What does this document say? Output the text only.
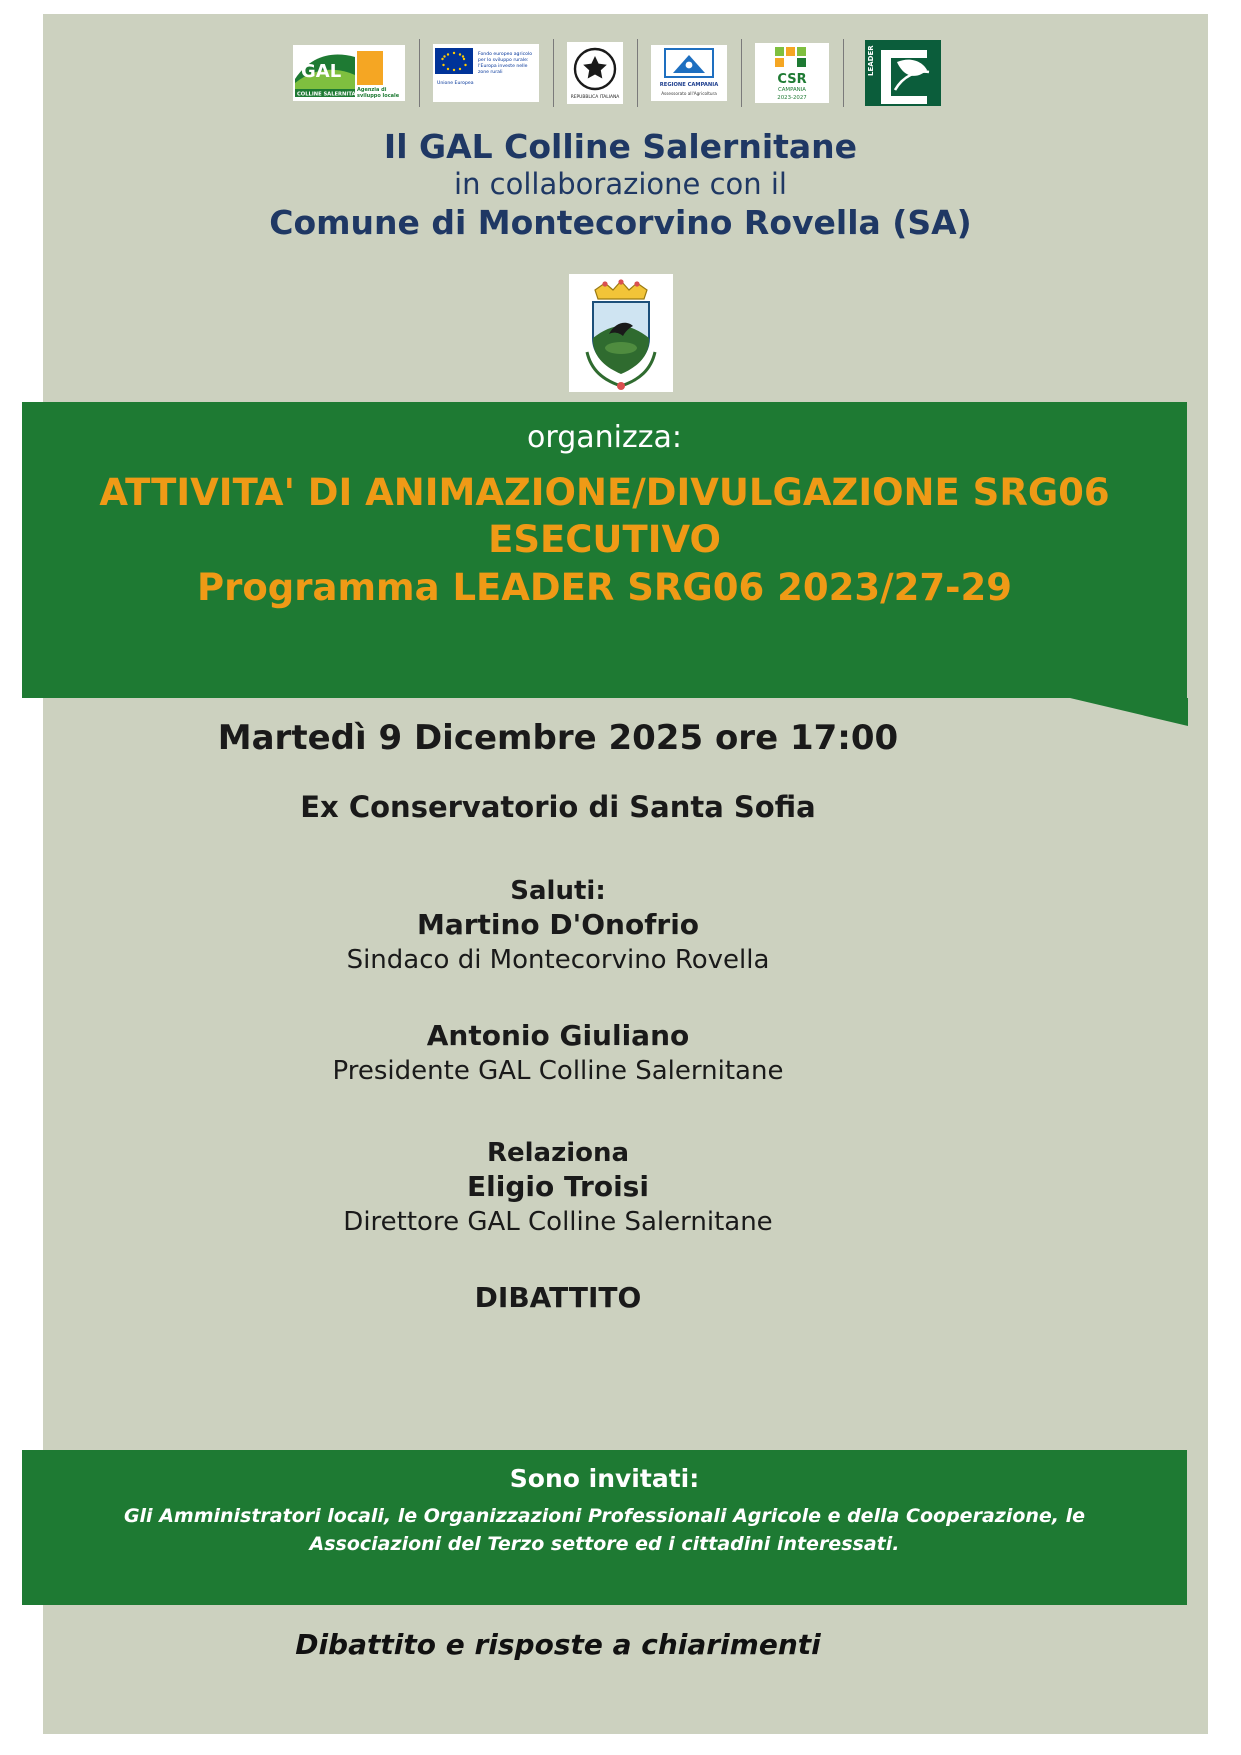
GAL
COLLINE SALERNITANE
Agenzia di
sviluppo locale
Unione Europea
Fondo europeo agricolo
per lo sviluppo rurale:
l'Europa investe nelle
zone rurali
REPUBBLICA ITALIANA
REGIONE CAMPANIA
Assessorato all'Agricoltura
CSR
CAMPANIA
2023-2027
LEADER
Il GAL Colline Salernitane
in collaborazione con il
Comune di Montecorvino Rovella (SA)
organizza:
ATTIVITA' DI ANIMAZIONE/DIVULGAZIONE SRG06
ESECUTIVO
Programma LEADER SRG06 2023/27-29
Martedì 9 Dicembre 2025 ore 17:00
Ex Conservatorio di Santa Sofia
Saluti:
Martino D'Onofrio
Sindaco di Montecorvino Rovella
Antonio Giuliano
Presidente GAL Colline Salernitane
Relaziona
Eligio Troisi
Direttore GAL Colline Salernitane
DIBATTITO
Sono invitati:
Gli Amministratori locali, le Organizzazioni Professionali Agricole e della Cooperazione, le Associazioni del Terzo settore ed i cittadini interessati.
Dibattito e risposte a chiarimenti
